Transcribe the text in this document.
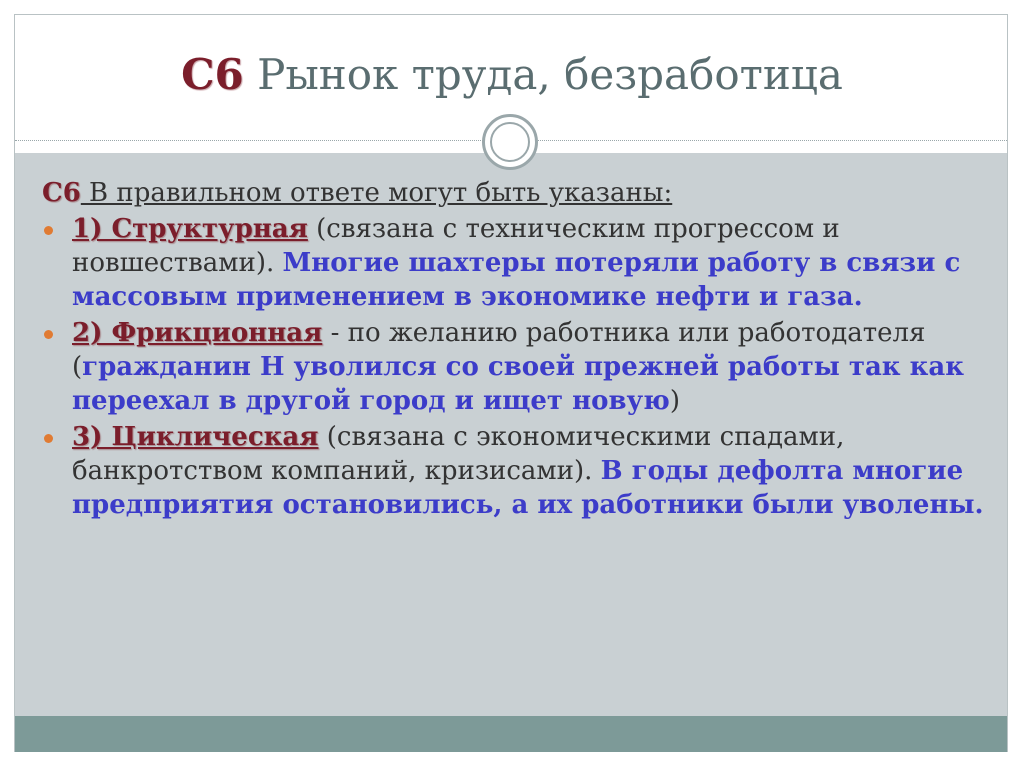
С6 Рынок труда, безработица
С6 В правильном ответе могут быть указаны:
1) Структурная (связана с техническим прогрессом и новшествами). Многие шахтеры потеряли работу в связи с массовым применением в экономике нефти и газа.
2) Фрикционная - по желанию работника или работодателя (гражданин Н уволился со своей прежней работы так как переехал в другой город и ищет новую)
3) Циклическая (связана с экономическими спадами, банкротством компаний, кризисами). В годы дефолта многие предприятия остановились, а их работники были уволены.
